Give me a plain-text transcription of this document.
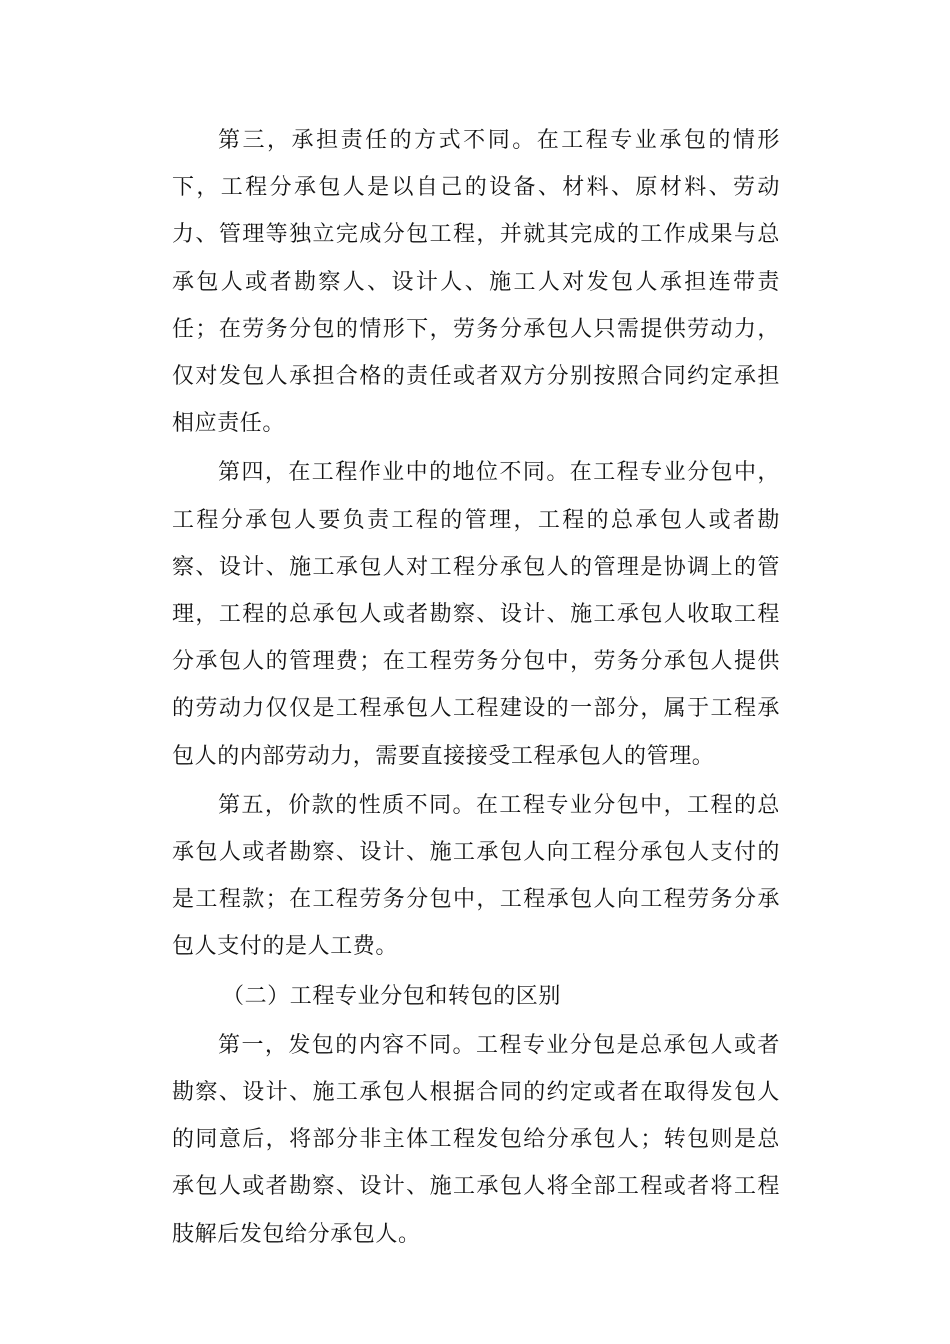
第三，承担责任的方式不同。在工程专业承包的情形下，工程分承包人是以自己的设备、材料、原材料、劳动力、管理等独立完成分包工程，并就其完成的工作成果与总承包人或者勘察人、设计人、施工人对发包人承担连带责任；在劳务分包的情形下，劳务分承包人只需提供劳动力，仅对发包人承担合格的责任或者双方分别按照合同约定承担相应责任。

第四，在工程作业中的地位不同。在工程专业分包中，工程分承包人要负责工程的管理，工程的总承包人或者勘察、设计、施工承包人对工程分承包人的管理是协调上的管理，工程的总承包人或者勘察、设计、施工承包人收取工程分承包人的管理费；在工程劳务分包中，劳务分承包人提供的劳动力仅仅是工程承包人工程建设的一部分，属于工程承包人的内部劳动力，需要直接接受工程承包人的管理。

第五，价款的性质不同。在工程专业分包中，工程的总承包人或者勘察、设计、施工承包人向工程分承包人支付的是工程款；在工程劳务分包中，工程承包人向工程劳务分承包人支付的是人工费。

（二）工程专业分包和转包的区别

第一，发包的内容不同。工程专业分包是总承包人或者勘察、设计、施工承包人根据合同的约定或者在取得发包人的同意后，将部分非主体工程发包给分承包人；转包则是总承包人或者勘察、设计、施工承包人将全部工程或者将工程肢解后发包给分承包人。
